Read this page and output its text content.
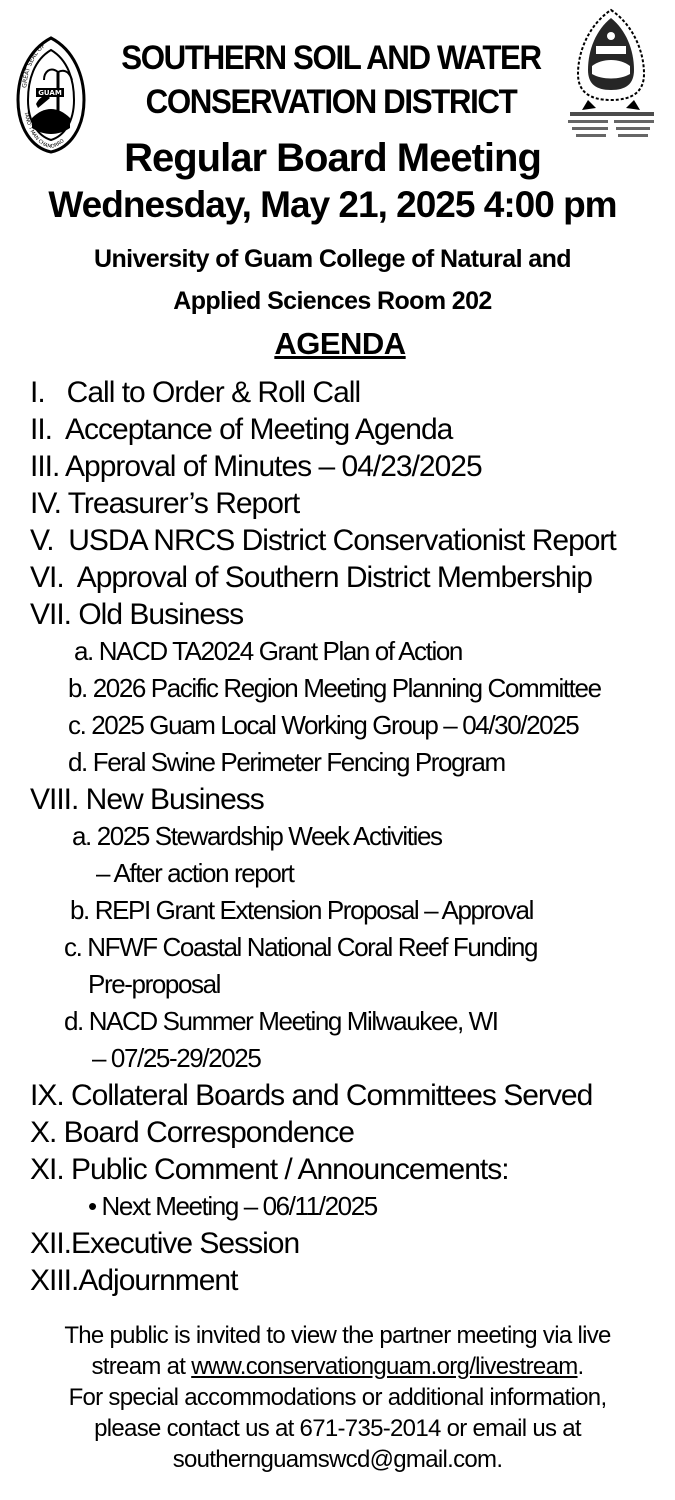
GUAM
GREAT SEAL OF
TANO' I MAN CHAMORRO
SOUTHERN SOIL AND WATER
CONSERVATION DISTRICT
Regular Board Meeting
Wednesday, May 21, 2025 4:00 pm
University of Guam College of Natural and
Applied Sciences Room 202
AGENDA
I.   Call to Order & Roll Call
II.  Acceptance of Meeting Agenda
III. Approval of Minutes – 04/23/2025
IV. Treasurer’s Report
V.  USDA NRCS District Conservationist Report
VI.  Approval of Southern District Membership
VII. Old Business
a. NACD TA2024 Grant Plan of Action
b. 2026 Pacific Region Meeting Planning Committee
c. 2025 Guam Local Working Group – 04/30/2025
d. Feral Swine Perimeter Fencing Program
VIII. New Business
a. 2025 Stewardship Week Activities
– After action report
b. REPI Grant Extension Proposal – Approval
c. NFWF Coastal National Coral Reef Funding
Pre-proposal
d. NACD Summer Meeting Milwaukee, WI
– 07/25-29/2025
IX. Collateral Boards and Committees Served
X. Board Correspondence
XI. Public Comment / Announcements:
• Next Meeting – 06/11/2025
XII.Executive Session
XIII.Adjournment
The public is invited to view the partner meeting via live
stream at www.conservationguam.org/livestream.
For special accommodations or additional information,
please contact us at 671-735-2014 or email us at
southernguamswcd@gmail.com.
